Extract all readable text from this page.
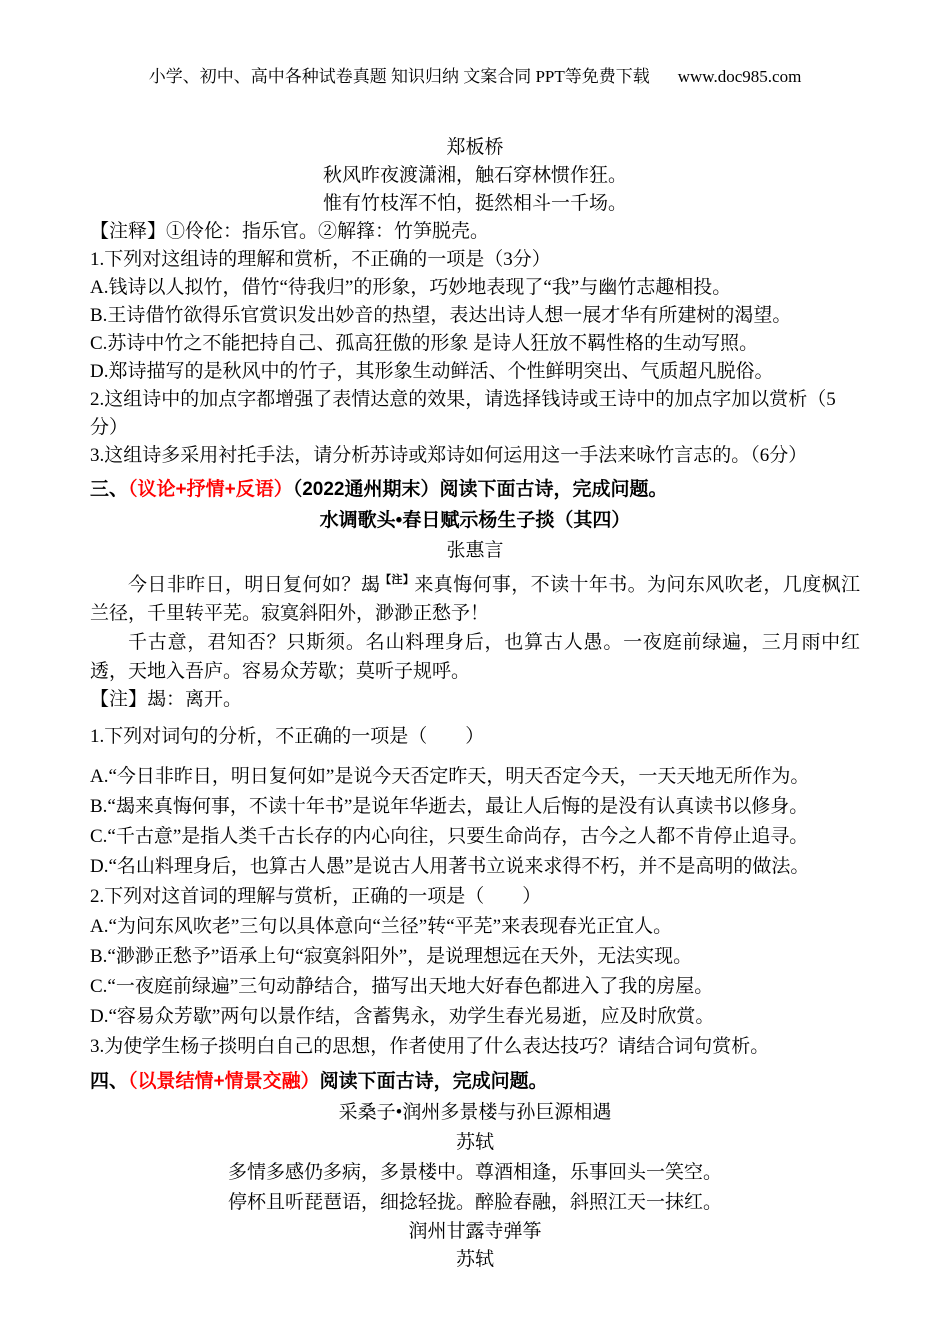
小学、初中、高中各种试卷真题 知识归纳 文案合同 PPT等免费下载 www.doc985.com

郑板桥

秋风昨夜渡潇湘，触石穿林惯作狂。

惟有竹枝浑不怕，挺然相斗一千场。

【注释】①伶伦：指乐官。②解箨：竹笋脱壳。

1.下列对这组诗的理解和赏析，不正确的一项是（3分）

A.钱诗以人拟竹，借竹“待我归”的形象，巧妙地表现了“我”与幽竹志趣相投。

B.王诗借竹欲得乐官赏识发出妙音的热望，表达出诗人想一展才华有所建树的渴望。

C.苏诗中竹之不能把持自己、孤高狂傲的形象 是诗人狂放不羁性格的生动写照。

D.郑诗描写的是秋风中的竹子，其形象生动鲜活、个性鲜明突出、气质超凡脱俗。

2.这组诗中的加点字都增强了表情达意的效果，请选择钱诗或王诗中的加点字加以赏析（5分）

3.这组诗多采用衬托手法，请分析苏诗或郑诗如何运用这一手法来咏竹言志的。（6分）

三、（议论+抒情+反语）（2022通州期末）阅读下面古诗，完成问题。

水调歌头•春日赋示杨生子掞（其四）

张惠言

今日非昨日，明日复何如？朅$^{【注】}$来真悔何事，不读十年书。为问东风吹老，几度枫江兰径，千里转平芜。寂寞斜阳外，渺渺正愁予！

千古意，君知否？只斯须。名山料理身后，也算古人愚。一夜庭前绿遍，三月雨中红透，天地入吾庐。容易众芳歇；莫听子规呼。

【注】朅：离开。

1.下列对词句的分析，不正确的一项是（　　）

A.“今日非昨日，明日复何如”是说今天否定昨天，明天否定今天，一天天地无所作为。

B.“朅来真悔何事，不读十年书”是说年华逝去，最让人后悔的是没有认真读书以修身。

C.“千古意”是指人类千古长存的内心向往，只要生命尚存，古今之人都不肯停止追寻。

D.“名山料理身后，也算古人愚”是说古人用著书立说来求得不朽，并不是高明的做法。

2.下列对这首词的理解与赏析，正确的一项是（　　）

A.“为问东风吹老”三句以具体意向“兰径”转“平芜”来表现春光正宜人。

B.“渺渺正愁予”语承上句“寂寞斜阳外”，是说理想远在天外，无法实现。

C.“一夜庭前绿遍”三句动静结合，描写出天地大好春色都进入了我的房屋。

D.“容易众芳歇”两句以景作结，含蓄隽永，劝学生春光易逝，应及时欣赏。

3.为使学生杨子掞明白自己的思想，作者使用了什么表达技巧？请结合词句赏析。

四、（以景结情+情景交融）阅读下面古诗，完成问题。

采桑子•润州多景楼与孙巨源相遇

苏轼

多情多感仍多病，多景楼中。尊酒相逢，乐事回头一笑空。

停杯且听琵琶语，细捻轻拢。醉脸春融，斜照江天一抹红。

润州甘露寺弹筝

苏轼
